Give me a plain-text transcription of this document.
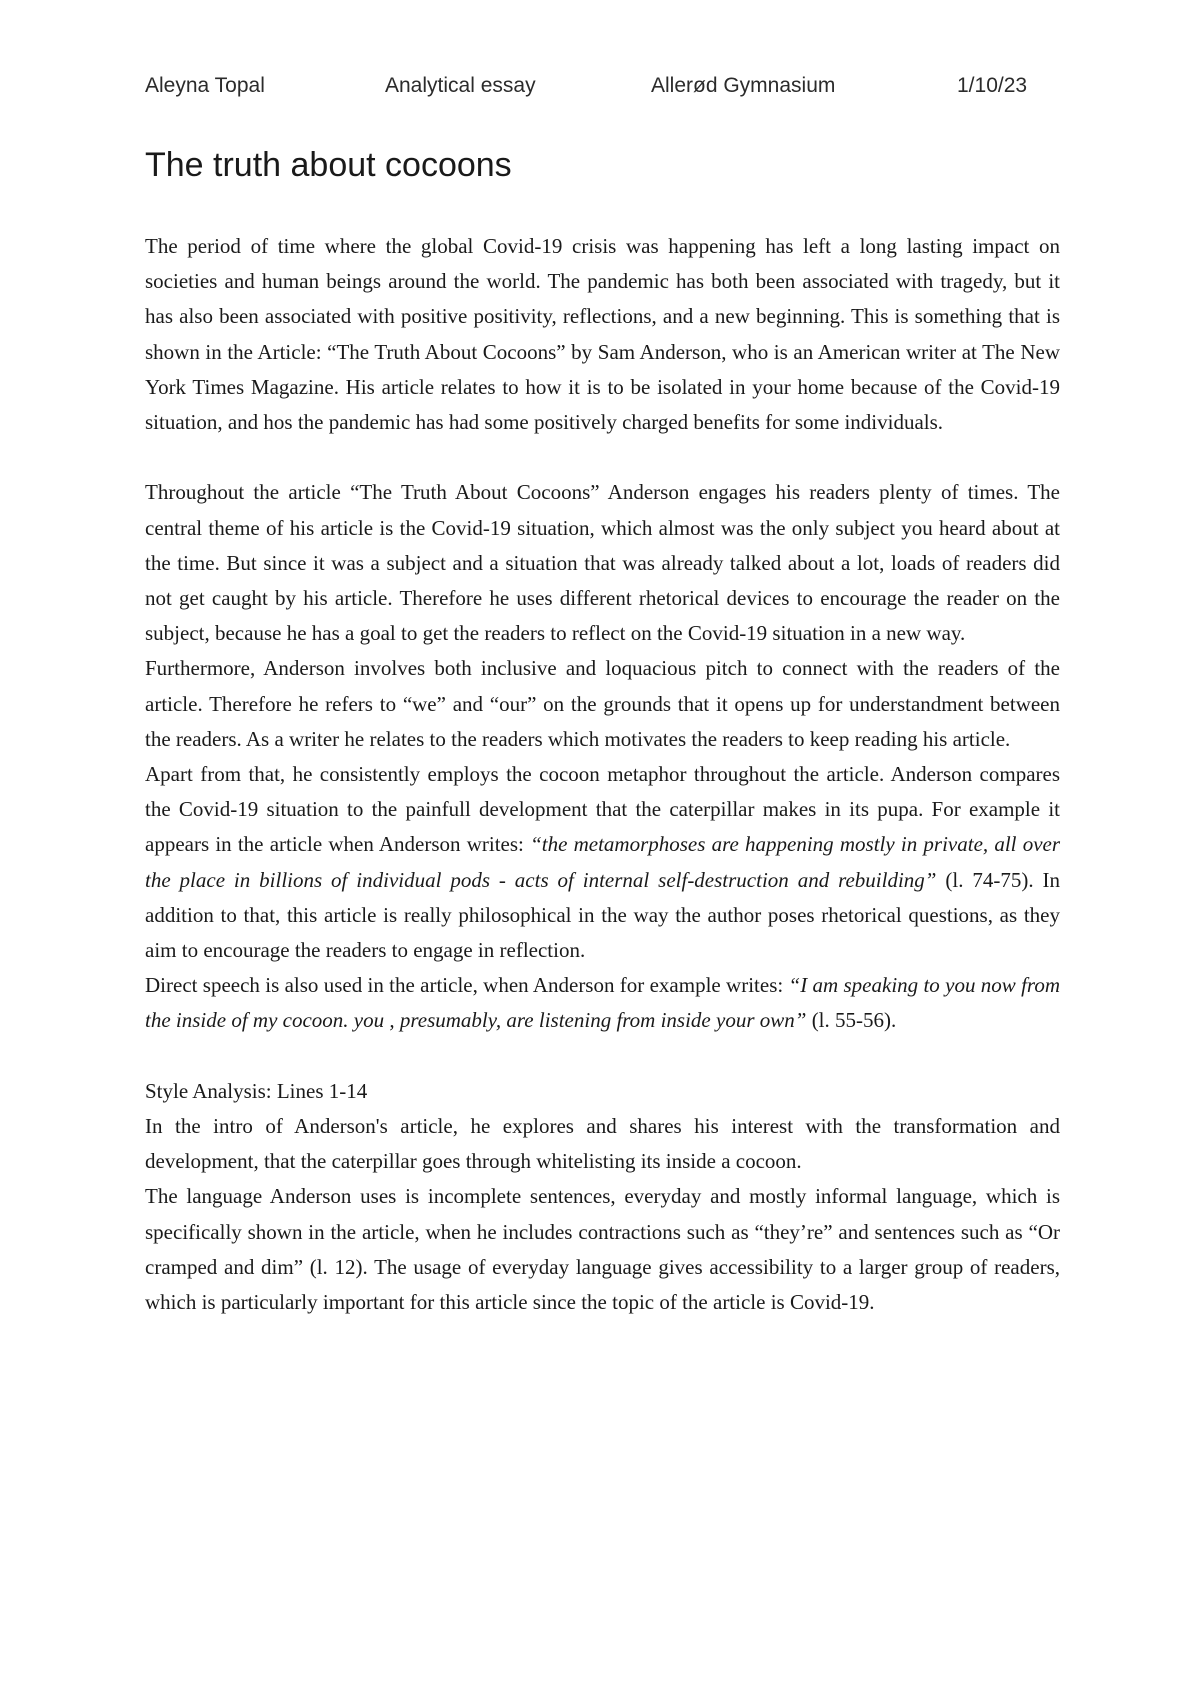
Aleyna Topal	Analytical essay	Allerød Gymnasium	1/10/23
The truth about cocoons

The period of time where the global Covid-19 crisis was happening has left a long lasting impact on societies and human beings around the world. The pandemic has both been associated with tragedy, but it has also been associated with positive positivity, reflections, and a new beginning. This is something that is shown in the Article: “The Truth About Cocoons” by Sam Anderson, who is an American writer at The New York Times Magazine. His article relates to how it is to be isolated in your home because of the Covid-19 situation, and hos the pandemic has had some positively charged benefits for some individuals.

Throughout the article “The Truth About Cocoons” Anderson engages his readers plenty of times. The central theme of his article is the Covid-19 situation, which almost was the only subject you heard about at the time. But since it was a subject and a situation that was already talked about a lot, loads of readers did not get caught by his article. Therefore he uses different rhetorical devices to encourage the reader on the subject, because he has a goal to get the readers to reflect on the Covid-19 situation in a new way.

Furthermore, Anderson involves both inclusive and loquacious pitch to connect with the readers of the article. Therefore he refers to “we” and “our” on the grounds that it opens up for understandment between the readers. As a writer he relates to the readers which motivates the readers to keep reading his article.

Apart from that, he consistently employs the cocoon metaphor throughout the article. Anderson compares the Covid-19 situation to the painfull development that the caterpillar makes in its pupa. For example it appears in the article when Anderson writes: “the metamorphoses are happening mostly in private, all over the place in billions of individual pods - acts of internal self-destruction and rebuilding” (l. 74-75). In addition to that, this article is really philosophical in the way the author poses rhetorical questions, as they aim to encourage the readers to engage in reflection.

Direct speech is also used in the article, when Anderson for example writes: “I am speaking to you now from the inside of my cocoon. you , presumably, are listening from inside your own” (l. 55-56).

Style Analysis: Lines 1-14

In the intro of Anderson's article, he explores and shares his interest with the transformation and development, that the caterpillar goes through whitelisting its inside a cocoon.

The language Anderson uses is incomplete sentences, everyday and mostly informal language, which is specifically shown in the article, when he includes contractions such as “they’re” and sentences such as “Or cramped and dim” (l. 12). The usage of everyday language gives accessibility to a larger group of readers, which is particularly important for this article since the topic of the article is Covid-19.
